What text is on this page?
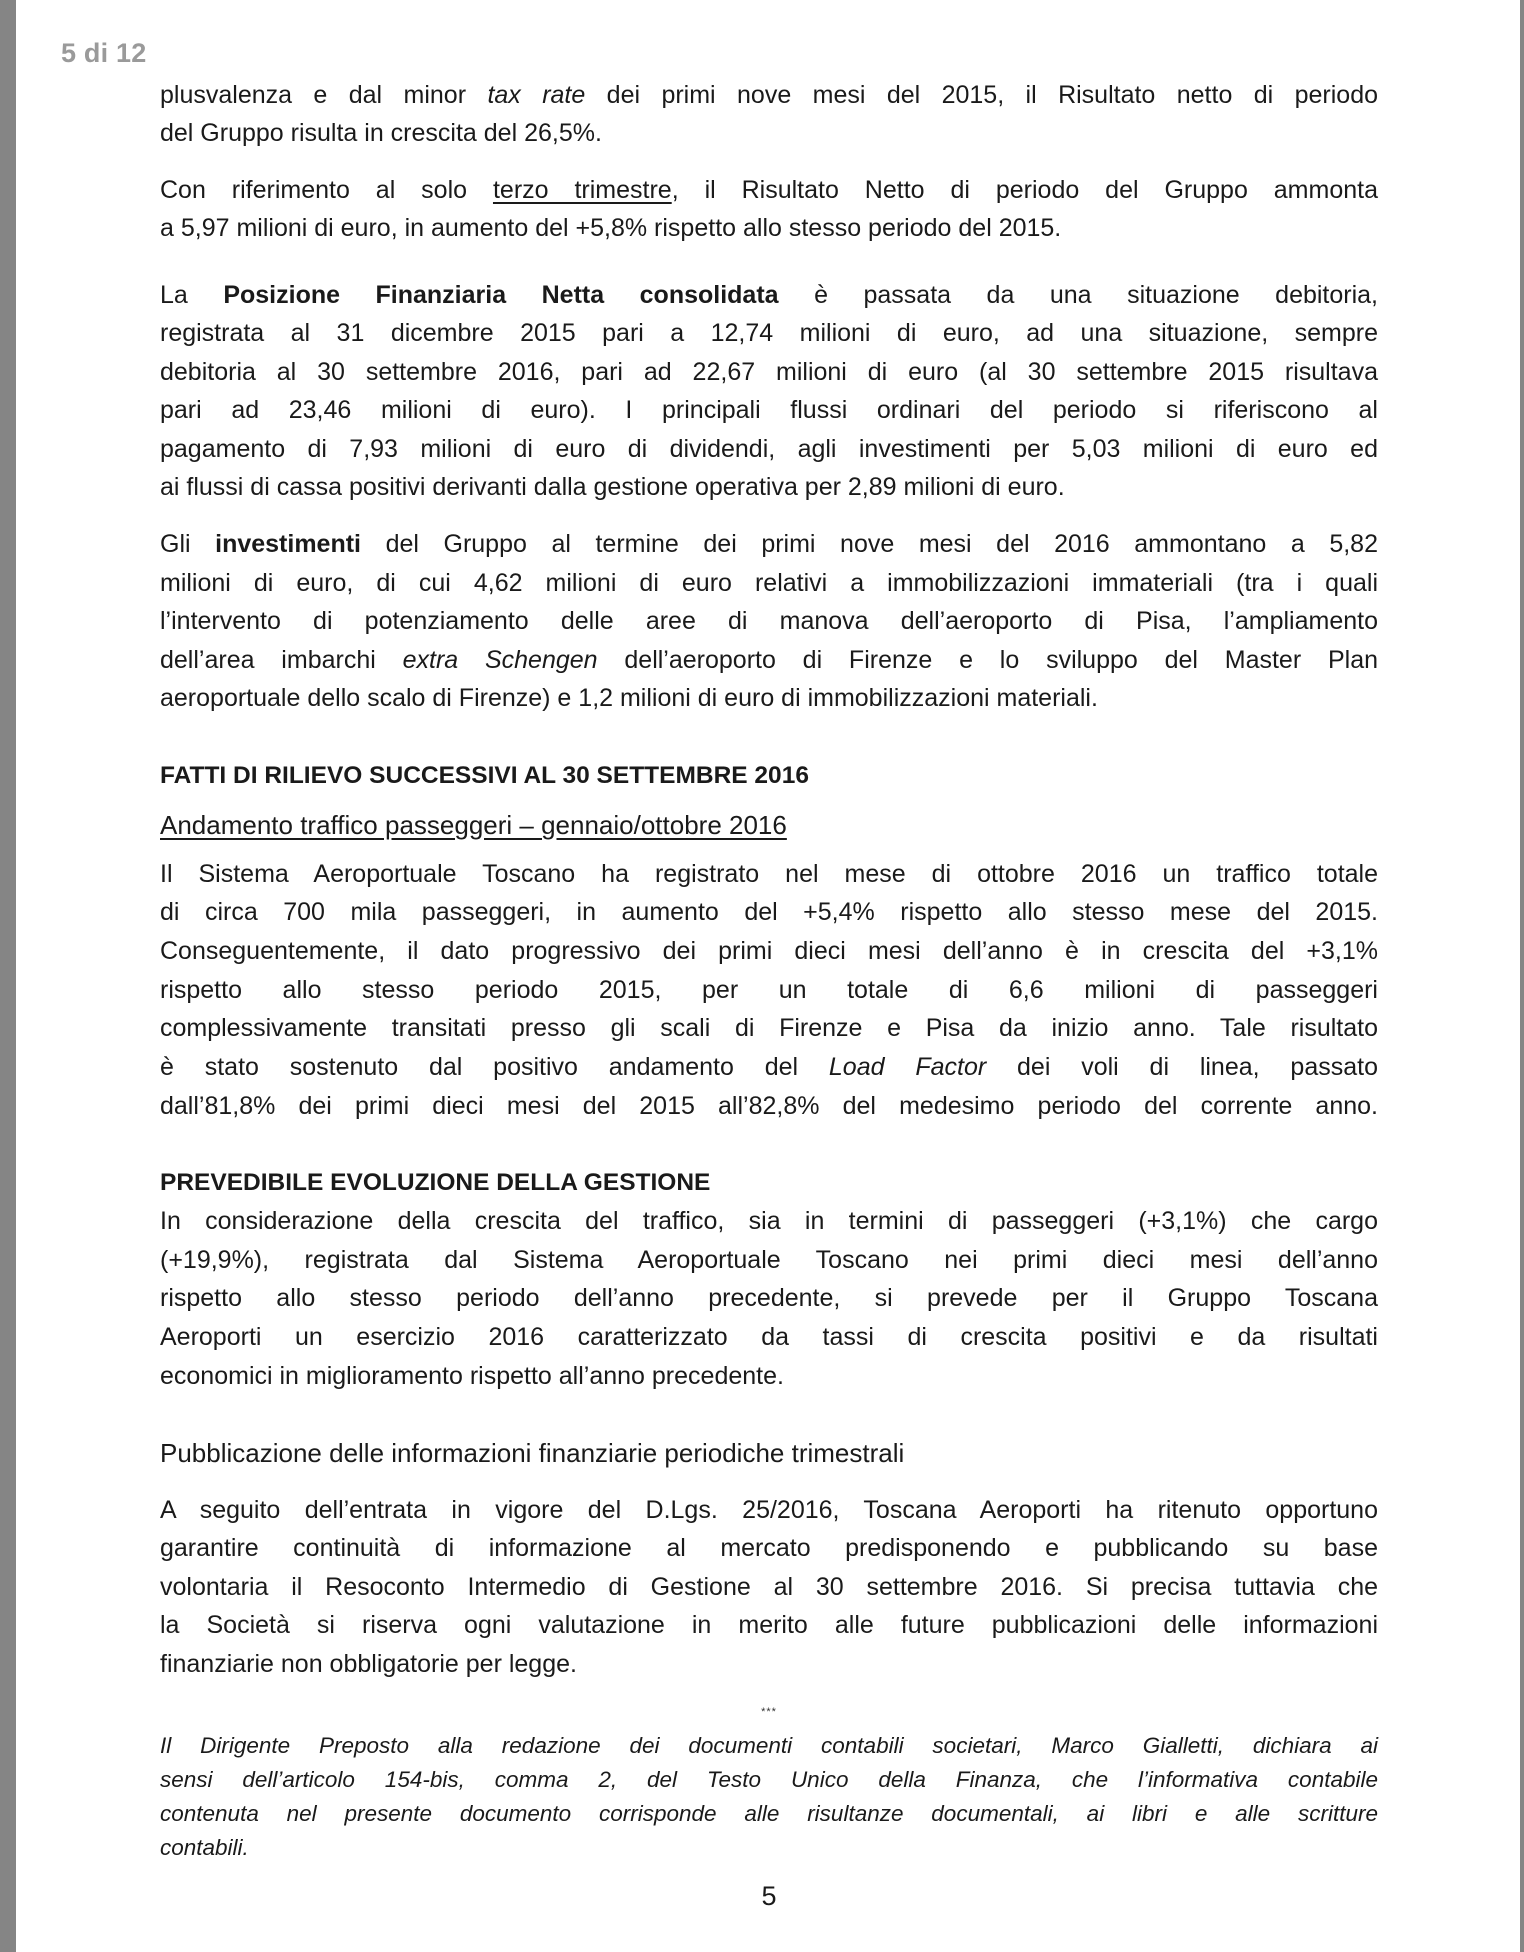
5 di 12
plusvalenza e dal minor tax rate dei primi nove mesi del 2015, il Risultato netto di periodo
del Gruppo risulta in crescita del 26,5%.
Con riferimento al solo terzo trimestre, il Risultato Netto di periodo del Gruppo ammonta
a 5,97 milioni di euro, in aumento del +5,8% rispetto allo stesso periodo del 2015.
La Posizione Finanziaria Netta consolidata è passata da una situazione debitoria,
registrata al 31 dicembre 2015 pari a 12,74 milioni di euro, ad una situazione, sempre
debitoria al 30 settembre 2016, pari ad 22,67 milioni di euro (al 30 settembre 2015 risultava
pari ad 23,46 milioni di euro). I principali flussi ordinari del periodo si riferiscono al
pagamento di 7,93 milioni di euro di dividendi, agli investimenti per 5,03 milioni di euro ed
ai flussi di cassa positivi derivanti dalla gestione operativa per 2,89 milioni di euro.
Gli investimenti del Gruppo al termine dei primi nove mesi del 2016 ammontano a 5,82
milioni di euro, di cui 4,62 milioni di euro relativi a immobilizzazioni immateriali (tra i quali
l’intervento di potenziamento delle aree di manova dell’aeroporto di Pisa, l’ampliamento
dell’area imbarchi extra Schengen dell’aeroporto di Firenze e lo sviluppo del Master Plan
aeroportuale dello scalo di Firenze) e 1,2 milioni di euro di immobilizzazioni materiali.
FATTI DI RILIEVO SUCCESSIVI AL 30 SETTEMBRE 2016
Andamento traffico passeggeri – gennaio/ottobre 2016
Il Sistema Aeroportuale Toscano ha registrato nel mese di ottobre 2016 un traffico totale
di circa 700 mila passeggeri, in aumento del +5,4% rispetto allo stesso mese del 2015.
Conseguentemente, il dato progressivo dei primi dieci mesi dell’anno è in crescita del +3,1%
rispetto allo stesso periodo 2015, per un totale di 6,6 milioni di passeggeri
complessivamente transitati presso gli scali di Firenze e Pisa da inizio anno. Tale risultato
è stato sostenuto dal positivo andamento del Load Factor dei voli di linea, passato
dall’81,8% dei primi dieci mesi del 2015 all’82,8% del medesimo periodo del corrente anno.
PREVEDIBILE EVOLUZIONE DELLA GESTIONE
In considerazione della crescita del traffico, sia in termini di passeggeri (+3,1%) che cargo
(+19,9%), registrata dal Sistema Aeroportuale Toscano nei primi dieci mesi dell’anno
rispetto allo stesso periodo dell’anno precedente, si prevede per il Gruppo Toscana
Aeroporti un esercizio 2016 caratterizzato da tassi di crescita positivi e da risultati
economici in miglioramento rispetto all’anno precedente.
Pubblicazione delle informazioni finanziarie periodiche trimestrali
A seguito dell’entrata in vigore del D.Lgs. 25/2016, Toscana Aeroporti ha ritenuto opportuno
garantire continuità di informazione al mercato predisponendo e pubblicando su base
volontaria il Resoconto Intermedio di Gestione al 30 settembre 2016. Si precisa tuttavia che
la Società si riserva ogni valutazione in merito alle future pubblicazioni delle informazioni
finanziarie non obbligatorie per legge.
***
Il Dirigente Preposto alla redazione dei documenti contabili societari, Marco Gialletti, dichiara ai
sensi dell’articolo 154-bis, comma 2, del Testo Unico della Finanza, che l’informativa contabile
contenuta nel presente documento corrisponde alle risultanze documentali, ai libri e alle scritture
contabili.
5
